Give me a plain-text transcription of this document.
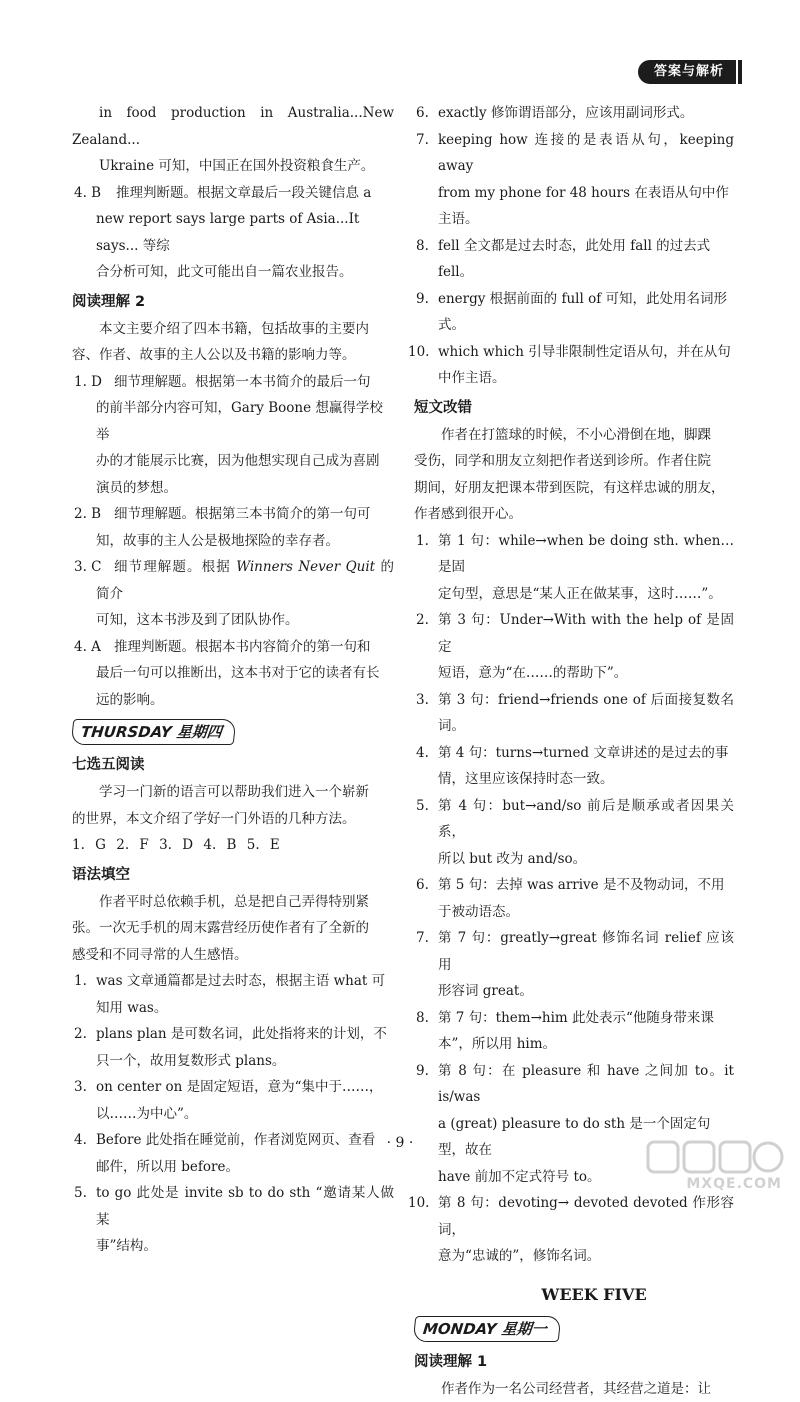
答案与解析

in food production in Australia...New Zealand...

Ukraine 可知，中国正在国外投资粮食生产。

4. B 推理判断题。根据文章最后一段关键信息 a
new report says large parts of Asia...It says... 等综
合分析可知，此文可能出自一篇农业报告。
阅读理解 2

本文主要介绍了四本书籍，包括故事的主要内

容、作者、故事的主人公以及书籍的影响力等。

1. D 细节理解题。根据第一本书简介的最后一句
的前半部分内容可知，Gary Boone 想赢得学校举
办的才能展示比赛，因为他想实现自己成为喜剧
演员的梦想。
2. B 细节理解题。根据第三本书简介的第一句可
知，故事的主人公是极地探险的幸存者。
3. C 细节理解题。根据 Winners Never Quit 的简介
可知，这本书涉及到了团队协作。
4. A 推理判断题。根据本书内容简介的第一句和
最后一句可以推断出，这本书对于它的读者有长
远的影响。
THURSDAY 星期四
七选五阅读

学习一门新的语言可以帮助我们进入一个崭新

的世界，本文介绍了学好一门外语的几种方法。

1. G 2. F 3. D 4. B 5. E

语法填空

作者平时总依赖手机，总是把自己弄得特别紧

张。一次无手机的周末露营经历使作者有了全新的

感受和不同寻常的人生感悟。

1. was 文章通篇都是过去时态，根据主语 what 可
知用 was。
2. plans plan 是可数名词，此处指将来的计划，不
只一个，故用复数形式 plans。
3. on center on 是固定短语，意为“集中于……，
以……为中心”。
4. Before 此处指在睡觉前，作者浏览网页、查看
邮件，所以用 before。
5. to go 此处是 invite sb to do sth “邀请某人做某
事”结构。
6. exactly 修饰谓语部分，应该用副词形式。
7. keeping how 连接的是表语从句，keeping away
from my phone for 48 hours 在表语从句中作主语。
8. fell 全文都是过去时态，此处用 fall 的过去式
fell。
9. energy 根据前面的 full of 可知，此处用名词形
式。
10. which which 引导非限制性定语从句，并在从句
中作主语。
短文改错

作者在打篮球的时候，不小心滑倒在地，脚踝

受伤，同学和朋友立刻把作者送到诊所。作者住院

期间，好朋友把课本带到医院，有这样忠诚的朋友，

作者感到很开心。

1. 第 1 句：while→when be doing sth. when… 是固
定句型，意思是“某人正在做某事，这时……”。
2. 第 3 句：Under→With with the help of 是固定
短语，意为“在……的帮助下”。
3. 第 3 句：friend→friends one of 后面接复数名词。
4. 第 4 句：turns→turned 文章讲述的是过去的事
情，这里应该保持时态一致。
5. 第 4 句：but→and/so 前后是顺承或者因果关系，
所以 but 改为 and/so。
6. 第 5 句：去掉 was arrive 是不及物动词，不用
于被动语态。
7. 第 7 句：greatly→great 修饰名词 relief 应该用
形容词 great。
8. 第 7 句：them→him 此处表示“他随身带来课
本”，所以用 him。
9. 第 8 句：在 pleasure 和 have 之间加 to。it is/was
a (great) pleasure to do sth 是一个固定句型，故在
have 前加不定式符号 to。
10. 第 8 句：devoting→ devoted devoted 作形容词，
意为“忠诚的”，修饰名词。
WEEK FIVE
MONDAY 星期一
阅读理解 1

作者作为一名公司经营者，其经营之道是：让

· 9 ·
MXQE.COM
